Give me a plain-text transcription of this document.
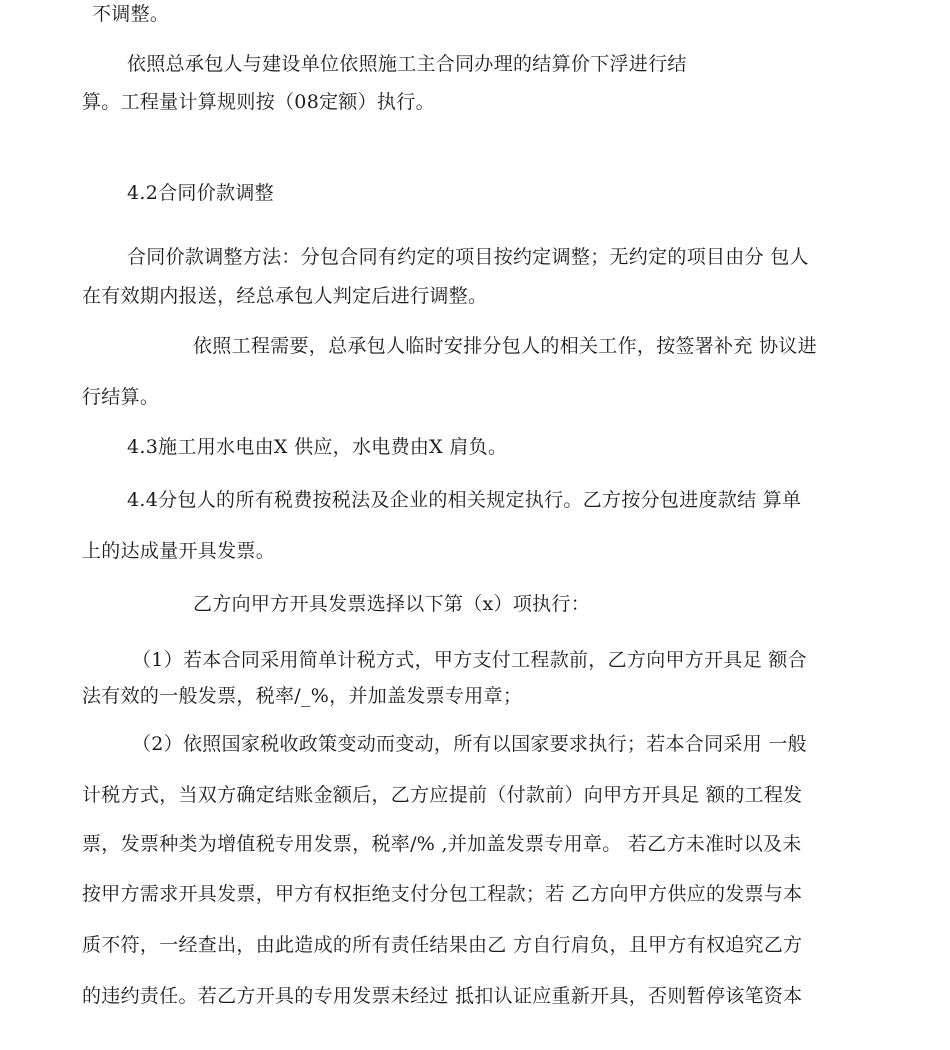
不调整。
依照总承包人与建设单位依照施工主合同办理的结算价下浮进行结
算。工程量计算规则按（08定额）执行。
4.2合同价款调整
合同价款调整方法：分包合同有约定的项目按约定调整；无约定的项目由分 包人
在有效期内报送，经总承包人判定后进行调整。
依照工程需要，总承包人临时安排分包人的相关工作，按签署补充 协议进
行结算。
4.3施工用水电由X 供应，水电费由X 肩负。
4.4分包人的所有税费按税法及企业的相关规定执行。乙方按分包进度款结 算单
上的达成量开具发票。
乙方向甲方开具发票选择以下第（x）项执行：
（1）若本合同采用简单计税方式，甲方支付工程款前，乙方向甲方开具足 额合
法有效的一般发票，税率/_%，并加盖发票专用章；
（2）依照国家税收政策变动而变动，所有以国家要求执行；若本合同采用 一般
计税方式，当双方确定结账金额后，乙方应提前（付款前）向甲方开具足 额的工程发
票，发票种类为增值税专用发票，税率/% ,并加盖发票专用章。 若乙方未准时以及未
按甲方需求开具发票，甲方有权拒绝支付分包工程款；若 乙方向甲方供应的发票与本
质不符，一经查出，由此造成的所有责任结果由乙 方自行肩负，且甲方有权追究乙方
的违约责任。若乙方开具的专用发票未经过 抵扣认证应重新开具，否则暂停该笔资本
